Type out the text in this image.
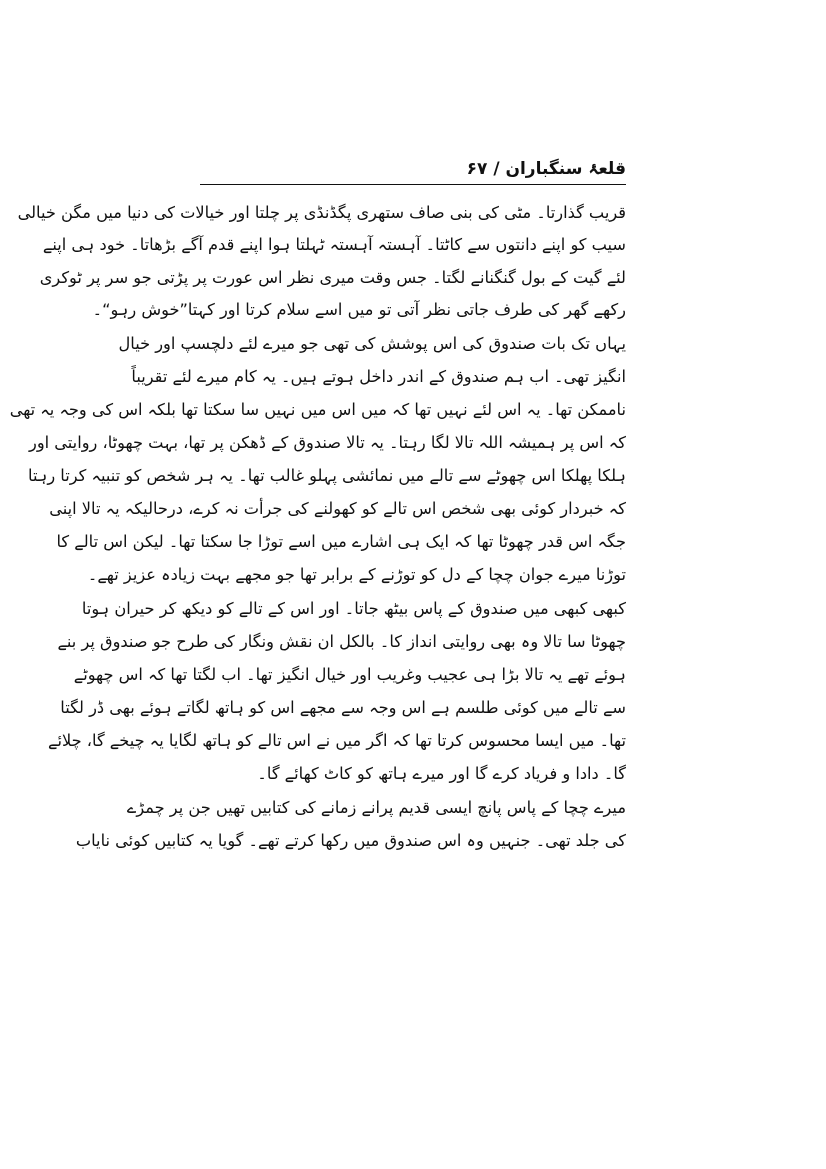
قلعۂ سنگباران / ۶۷
قریب گذارتا۔ مٹی کی بنی صاف ستھری پگڈنڈی پر چلتا اور خیالات کی دنیا میں مگن خیالی
سیب کو اپنے دانتوں سے کاٹتا۔ آہستہ آہستہ ٹہلتا ہوا اپنے قدم آگے بڑھاتا۔ خود ہی اپنے
لئے گیت کے بول گنگنانے لگتا۔ جس وقت میری نظر اس عورت پر پڑتی جو سر پر ٹوکری
رکھے گھر کی طرف جاتی نظر آتی تو میں اسے سلام کرتا اور کہتا”خوش رہو“۔
یہاں تک بات صندوق کی اس پوشش کی تھی جو میرے لئے دلچسپ اور خیال
انگیز تھی۔ اب ہم صندوق کے اندر داخل ہوتے ہیں۔ یہ کام میرے لئے تقریباً
ناممکن تھا۔ یہ اس لئے نہیں تھا کہ میں اس میں نہیں سا سکتا تھا بلکہ اس کی وجہ یہ تھی
کہ اس پر ہمیشہ اللہ تالا لگا رہتا۔ یہ تالا صندوق کے ڈھکن پر تھا، بہت چھوٹا، روایتی اور
ہلکا پھلکا اس چھوٹے سے تالے میں نمائشی پہلو غالب تھا۔ یہ ہر شخص کو تنبیہ کرتا رہتا
کہ خبردار کوئی بھی شخص اس تالے کو کھولنے کی جرأت نہ کرے، درحالیکہ یہ تالا اپنی
جگہ اس قدر چھوٹا تھا کہ ایک ہی اشارے میں اسے توڑا جا سکتا تھا۔ لیکن اس تالے کا
توڑنا میرے جوان چچا کے دل کو توڑنے کے برابر تھا جو مجھے بہت زیادہ عزیز تھے۔
کبھی کبھی میں صندوق کے پاس بیٹھ جاتا۔ اور اس کے تالے کو دیکھ کر حیران ہوتا
چھوٹا سا تالا وہ بھی روایتی انداز کا۔ بالکل ان نقش ونگار کی طرح جو صندوق پر بنے
ہوئے تھے یہ تالا بڑا ہی عجیب وغریب اور خیال انگیز تھا۔ اب لگتا تھا کہ اس چھوٹے
سے تالے میں کوئی طلسم ہے اس وجہ سے مجھے اس کو ہاتھ لگاتے ہوئے بھی ڈر لگتا
تھا۔ میں ایسا محسوس کرتا تھا کہ اگر میں نے اس تالے کو ہاتھ لگایا یہ چیخے گا، چلائے
گا۔ دادا و فریاد کرے گا اور میرے ہاتھ کو کاٹ کھائے گا۔
میرے چچا کے پاس پانچ ایسی قدیم پرانے زمانے کی کتابیں تھیں جن پر چمڑے
کی جلد تھی۔ جنہیں وہ اس صندوق میں رکھا کرتے تھے۔ گویا یہ کتابیں کوئی نایاب
